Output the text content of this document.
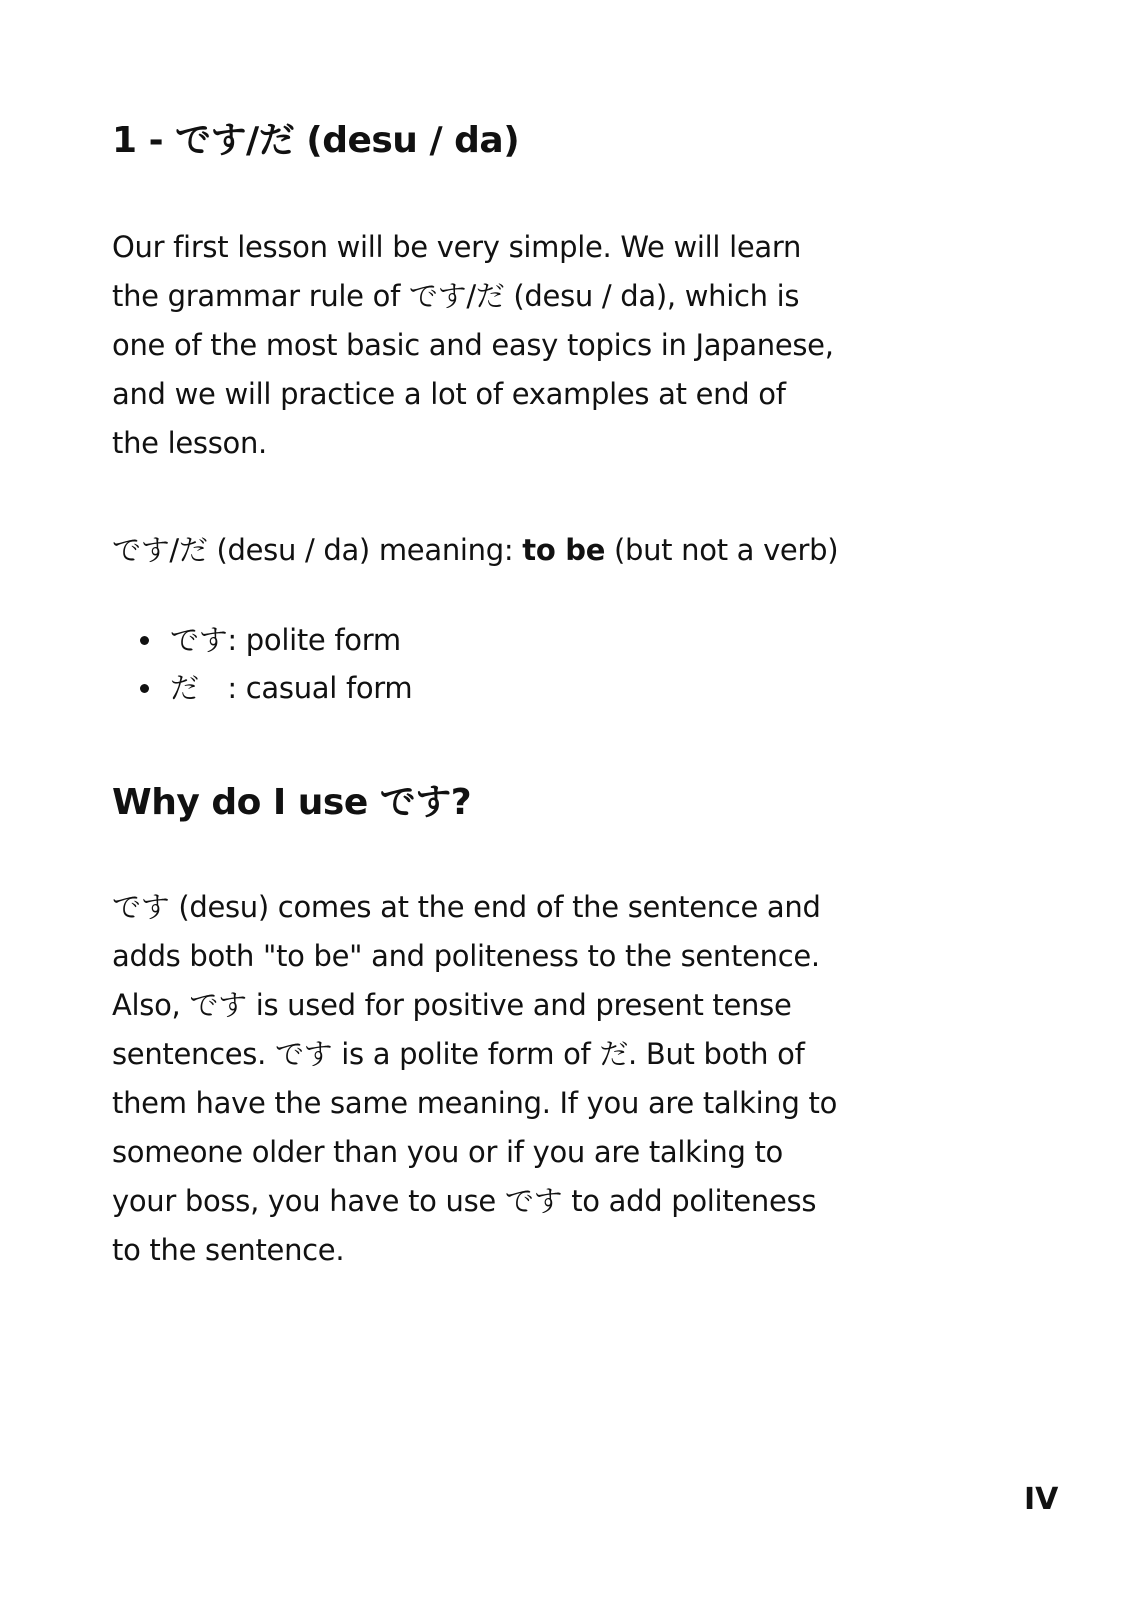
1 - です/だ (desu / da)
Our first lesson will be very simple. We will learn
the grammar rule of です/だ (desu / da), which is
one of the most basic and easy topics in Japanese,
and we will practice a lot of examples at end of
the lesson.
です/だ (desu / da) meaning: to be (but not a verb)
です: polite form
だ　: casual form
Why do I use です?
です (desu) comes at the end of the sentence and
adds both "to be" and politeness to the sentence.
Also, です is used for positive and present tense
sentences. です is a polite form of だ. But both of
them have the same meaning. If you are talking to
someone older than you or if you are talking to
your boss, you have to use です to add politeness
to the sentence.
IV
